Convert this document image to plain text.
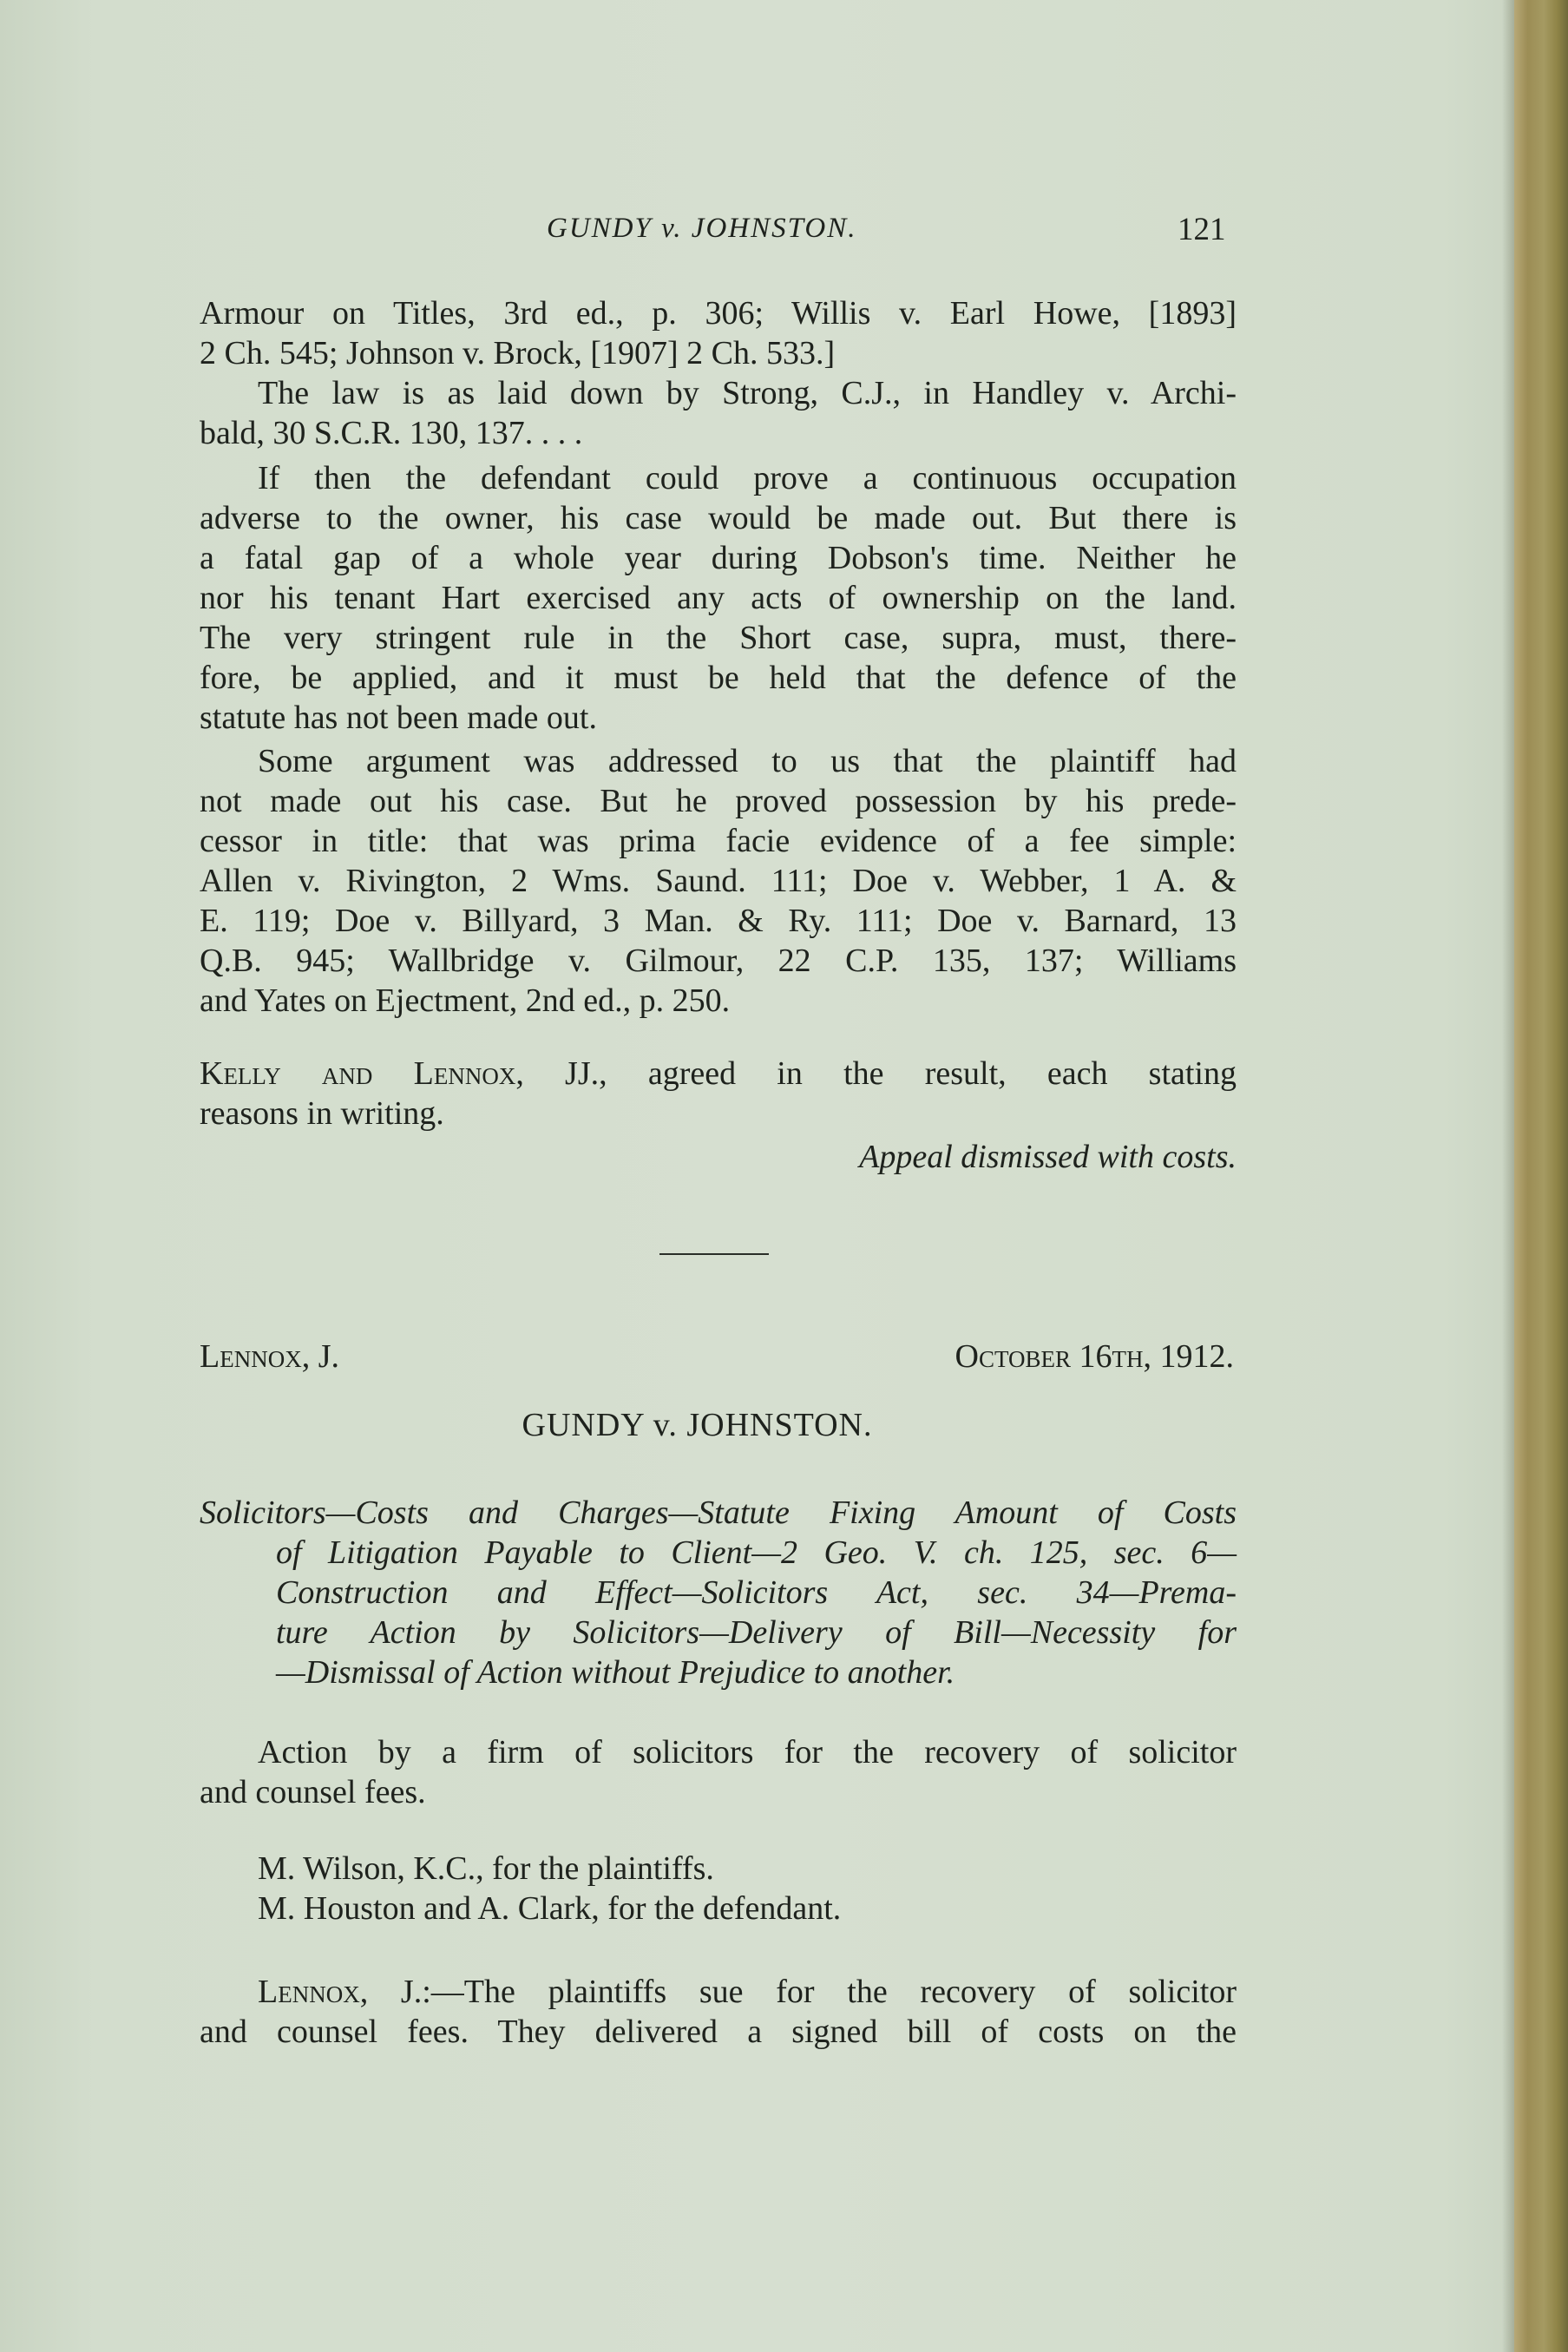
GUNDY v. JOHNSTON.	121
Armour on Titles, 3rd ed., p. 306; Willis v. Earl Howe, [1893]
2 Ch. 545; Johnson v. Brock, [1907] 2 Ch. 533.]
The law is as laid down by Strong, C.J., in Handley v. Archi-
bald, 30 S.C.R. 130, 137. . . .
If then the defendant could prove a continuous occupation
adverse to the owner, his case would be made out. But there is
a fatal gap of a whole year during Dobson's time. Neither he
nor his tenant Hart exercised any acts of ownership on the land.
The very stringent rule in the Short case, supra, must, there-
fore, be applied, and it must be held that the defence of the
statute has not been made out.
Some argument was addressed to us that the plaintiff had
not made out his case. But he proved possession by his prede-
cessor in title: that was prima facie evidence of a fee simple:
Allen v. Rivington, 2 Wms. Saund. 111; Doe v. Webber, 1 A. &
E. 119; Doe v. Billyard, 3 Man. & Ry. 111; Doe v. Barnard, 13
Q.B. 945; Wallbridge v. Gilmour, 22 C.P. 135, 137; Williams
and Yates on Ejectment, 2nd ed., p. 250.
Kelly and Lennox, JJ., agreed in the result, each stating
reasons in writing.
Appeal dismissed with costs.
Lennox, J.	October 16th, 1912.
Solicitors—Costs and Charges—Statute Fixing Amount of Costs
of Litigation Payable to Client—2 Geo. V. ch. 125, sec. 6—
Construction and Effect—Solicitors Act, sec. 34—Prema-
ture Action by Solicitors—Delivery of Bill—Necessity for
—Dismissal of Action without Prejudice to another.
Action by a firm of solicitors for the recovery of solicitor
and counsel fees.
M. Wilson, K.C., for the plaintiffs.
M. Houston and A. Clark, for the defendant.
Lennox, J.:—The plaintiffs sue for the recovery of solicitor
and counsel fees. They delivered a signed bill of costs on the
GUNDY v. JOHNSTON.
